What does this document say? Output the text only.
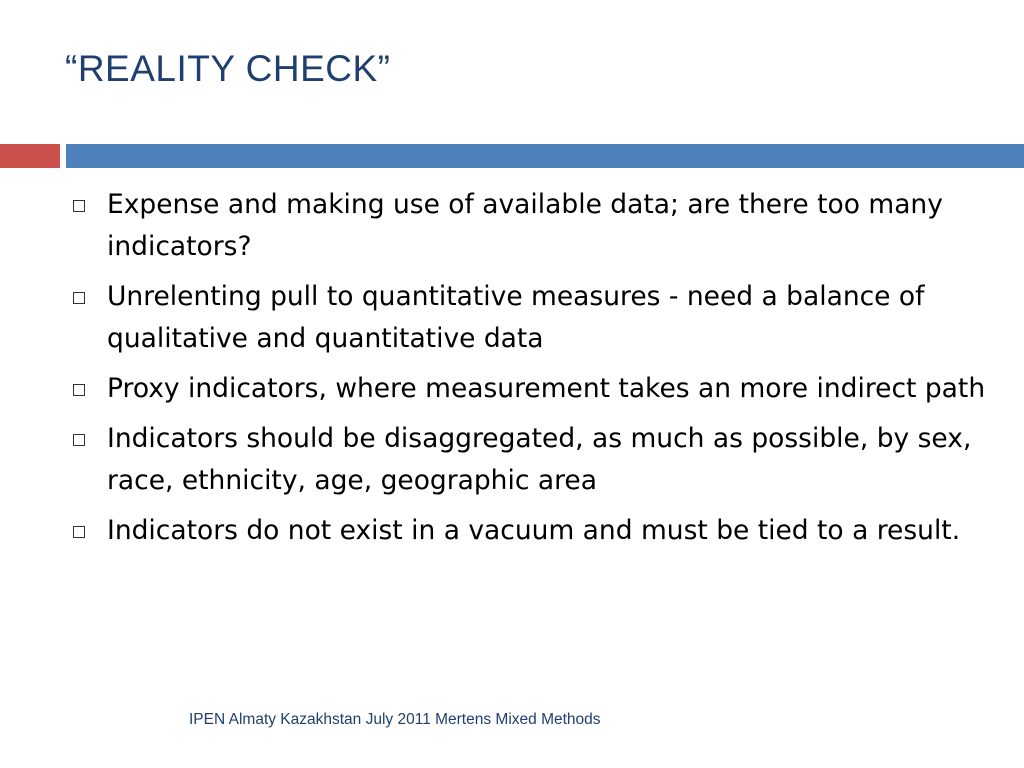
“REALITY CHECK”
Expense and making use of available data; are there too many indicators?
Unrelenting pull to quantitative measures - need a balance of qualitative and quantitative data
Proxy indicators, where measurement takes an more indirect path
Indicators should be disaggregated, as much as possible, by sex, race, ethnicity, age, geographic area
Indicators do not exist in a vacuum and must be tied to a result.
IPEN Almaty Kazakhstan July 2011 Mertens Mixed Methods
